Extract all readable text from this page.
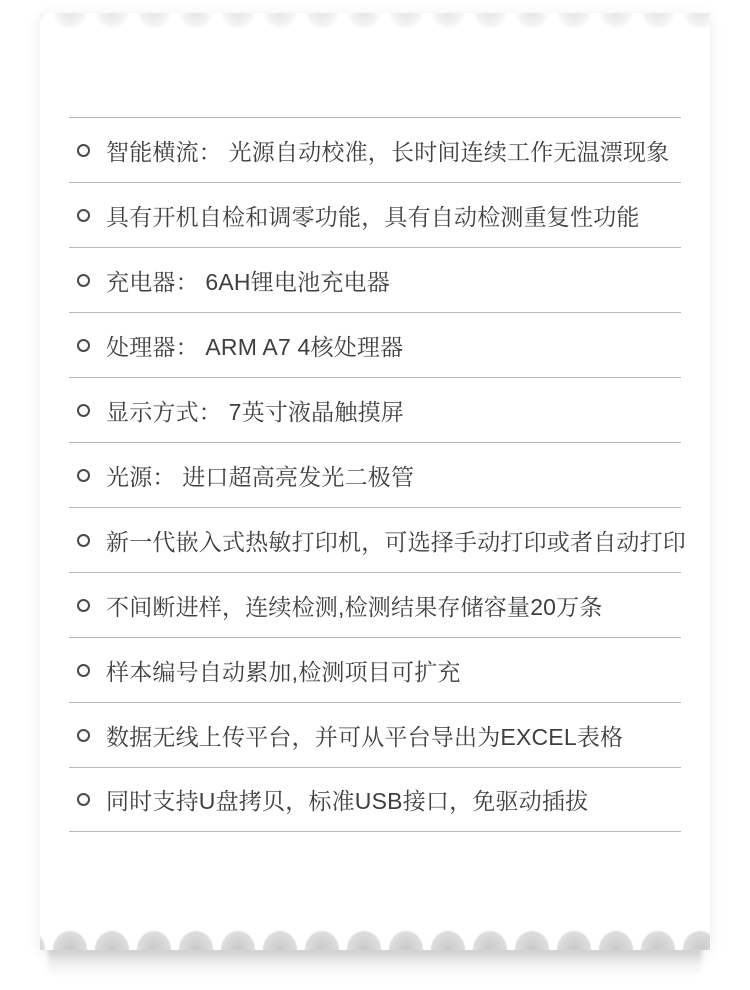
智能横流： 光源自动校准，长时间连续工作无温漂现象
具有开机自检和调零功能，具有自动检测重复性功能
充电器： 6AH锂电池充电器
处理器： ARM A7 4核处理器
显示方式： 7英寸液晶触摸屏
光源： 进口超高亮发光二极管
新一代嵌入式热敏打印机，可选择手动打印或者自动打印
不间断进样，连续检测,检测结果存储容量20万条
样本编号自动累加,检测项目可扩充
数据无线上传平台，并可从平台导出为EXCEL表格
同时支持U盘拷贝，标准USB接口，免驱动插拔
